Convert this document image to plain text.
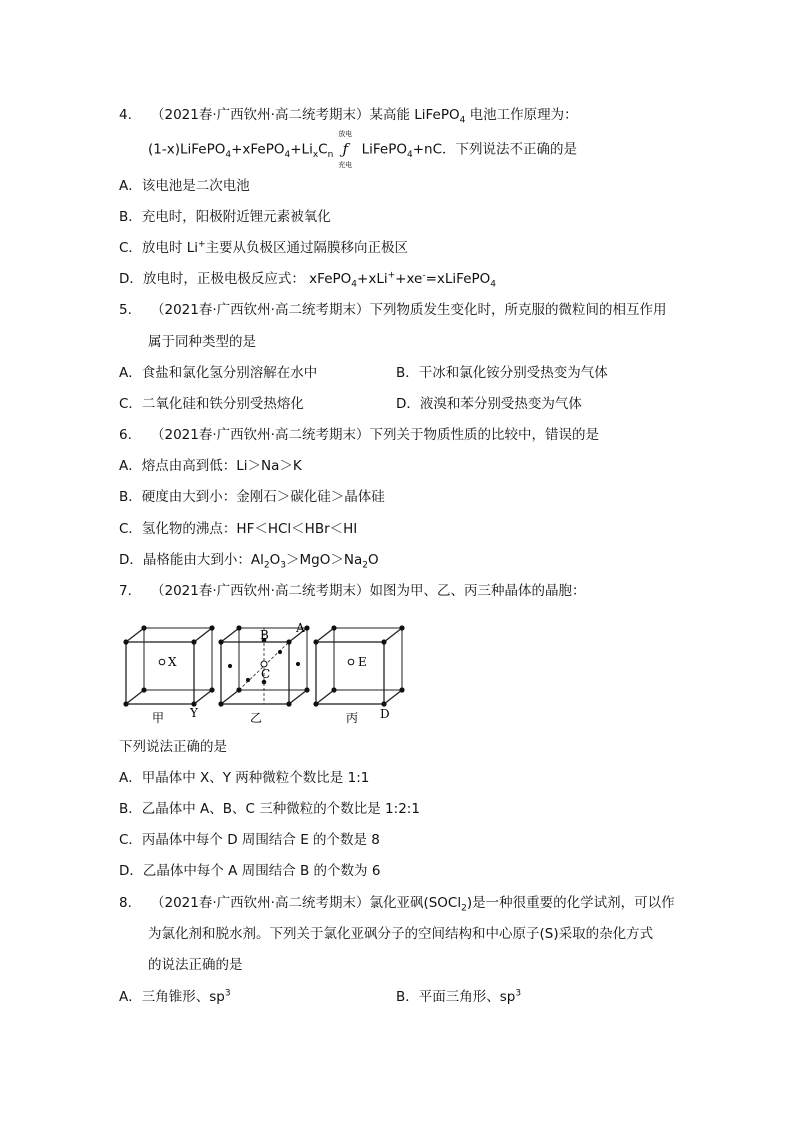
4. （2021春·广西钦州·高二统考期末）某高能 LiFePO$_4$ 电池工作原理为：
$(1-x)LiFePO_4+xFePO_4+Li_xC_n$
放电
ƒ
充电
LiFePO$_4$+nC．下列说法不正确的是
A．该电池是二次电池
B．充电时，阳极附近锂元素被氧化
C．放电时 Li+主要从负极区通过隔膜移向正极区
D．放电时，正极电极反应式： xFePO$_4$+xLi++xe-=xLiFePO$_4$
5. （2021春·广西钦州·高二统考期末）下列物质发生变化时，所克服的微粒间的相互作用
属于同种类型的是
A．食盐和氯化氢分别溶解在水中	B．干冰和氯化铵分别受热变为气体
C．二氧化硅和铁分别受热熔化	D．液溴和苯分别受热变为气体
6. （2021春·广西钦州·高二统考期末）下列关于物质性质的比较中，错误的是
A．熔点由高到低：Li＞Na＞K
B．硬度由大到小：金刚石＞碳化硅＞晶体硅
C．氢化物的沸点：HF＜HCl＜HBr＜HI
D．晶格能由大到小：$Al_2O_3>MgO>Na_2O$
7. （2021春·广西钦州·高二统考期末）如图为甲、乙、丙三种晶体的晶胞：
X
Y
B
C
A
E
D
甲	乙	丙
下列说法正确的是
A．甲晶体中 X、Y 两种微粒个数比是 1:1
B．乙晶体中 A、B、C 三种微粒的个数比是 1:2:1
C．丙晶体中每个 D 周围结合 E 的个数是 8
D．乙晶体中每个 A 周围结合 B 的个数为 6
8. （2021春·广西钦州·高二统考期末）氯化亚砜(SOCl$_2$)是一种很重要的化学试剂，可以作
为氯化剂和脱水剂。下列关于氯化亚砜分子的空间结构和中心原子(S)采取的杂化方式
的说法正确的是
A．三角锥形、$sp^3$	B．平面三角形、$sp^3$
